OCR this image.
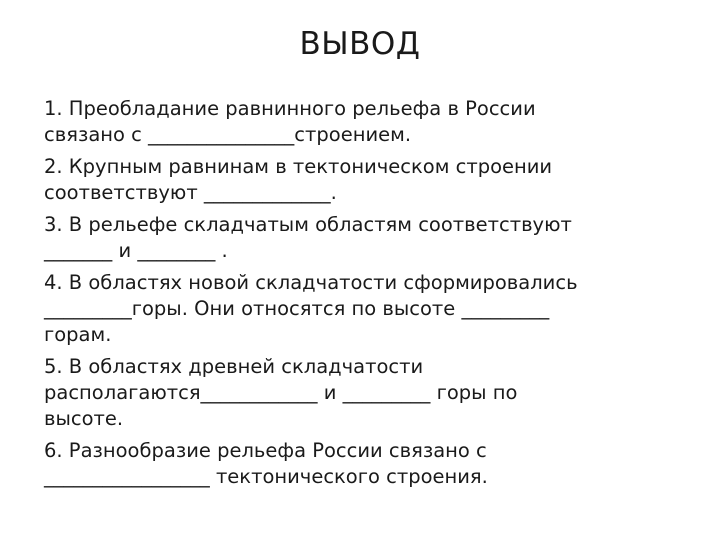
ВЫВОД
1. Преобладание равнинного рельефа в России
связано с _______________строением.
2. Крупным равнинам в тектоническом строении
соответствуют _____________.
3. В рельефе складчатым областям соответствуют
_______ и ________ .
4. В областях новой складчатости сформировались
_________горы. Они относятся по высоте _________
горам.
5. В областях древней складчатости
располагаются____________ и _________ горы по
высоте.
6. Разнообразие рельефа России связано с
_________________ тектонического строения.
